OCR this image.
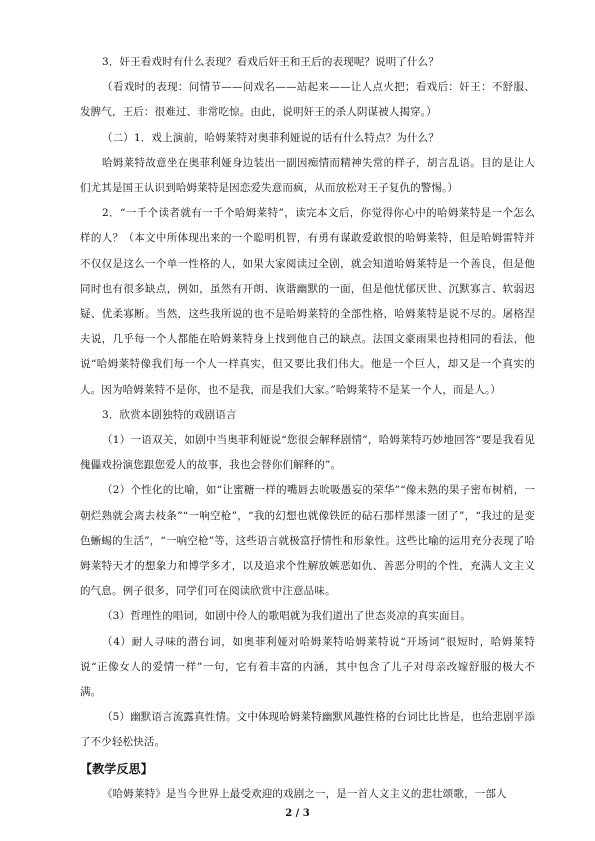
3．奸王看戏时有什么表现？看戏后奸王和王后的表现呢？说明了什么？

（看戏时的表现：问情节——问戏名——站起来——让人点火把；看戏后：奸王：不舒服、发脾气，王后：很难过、非常吃惊。由此，说明奸王的杀人阴谋被人揭穿。）

（二）1．戏上演前，哈姆莱特对奥菲利娅说的话有什么特点？为什么？

哈姆莱特故意坐在奥菲利娅身边装出一副因痴情而精神失常的样子，胡言乱语。目的是让人们尤其是国王认识到哈姆莱特是因恋爱失意而疯，从而放松对王子复仇的警惕。）

2．“一千个读者就有一千个哈姆莱特”，读完本文后，你觉得你心中的哈姆莱特是一个怎么样的人？（本文中所体现出来的一个聪明机智，有勇有谋敢爱敢恨的哈姆莱特，但是哈姆雷特并不仅仅是这么一个单一性格的人，如果大家阅读过全剧，就会知道哈姆莱特是一个善良，但是他同时也有很多缺点，例如，虽然有开朗、诙谐幽默的一面，但是他忧郁厌世、沉默寡言、软弱迟疑、优柔寡断。当然，这些我所说的也不是哈姆莱特的全部性格，哈姆莱特是说不尽的。屠格涅夫说，几乎每一个人都能在哈姆莱特身上找到他自己的缺点。法国文豪雨果也持相同的看法，他说“哈姆莱特像我们每一个人一样真实，但又要比我们伟大。他是一个巨人，却又是一个真实的人。因为哈姆莱特不是你，也不是我，而是我们大家。”哈姆莱特不是某一个人，而是人。）

3．欣赏本剧独特的戏剧语言

（1）一语双关，如剧中当奥菲利娅说“您很会解释剧情”，哈姆莱特巧妙地回答“要是我看见傀儡戏扮演您跟您爱人的故事，我也会替你们解释的”。

（2）个性化的比喻，如“让蜜糖一样的嘴唇去吮吸愚妄的荣华”“像未熟的果子密布树梢，一朝烂熟就会离去枝条”“一响空枪”，“我的幻想也就像铁匠的砧石那样黑漆一团了”，“我过的是变色蜥蜴的生活”，“一响空枪”等，这些语言就极富抒情性和形象性。这些比喻的运用充分表现了哈姆莱特天才的想象力和博学多才，以及追求个性解放嫉恶如仇、善恶分明的个性，充满人文主义的气息。例子很多，同学们可在阅读欣赏中注意品味。

（3）哲理性的唱词，如剧中伶人的歌唱就为我们道出了世态炎凉的真实面目。

（4）耐人寻味的潜台词，如奥菲利娅对哈姆莱特哈姆莱特说“开场词”很短时，哈姆莱特说“正像女人的爱情一样”一句，它有着丰富的内涵，其中包含了儿子对母亲改嫁舒服的极大不满。

（5）幽默语言流露真性情。文中体现哈姆莱特幽默风趣性格的台词比比皆是，也给悲剧平添了不少轻松快活。

【教学反思】

《哈姆莱特》是当今世界上最受欢迎的戏剧之一，是一首人文主义的悲壮颂歌，一部人

2 / 3
